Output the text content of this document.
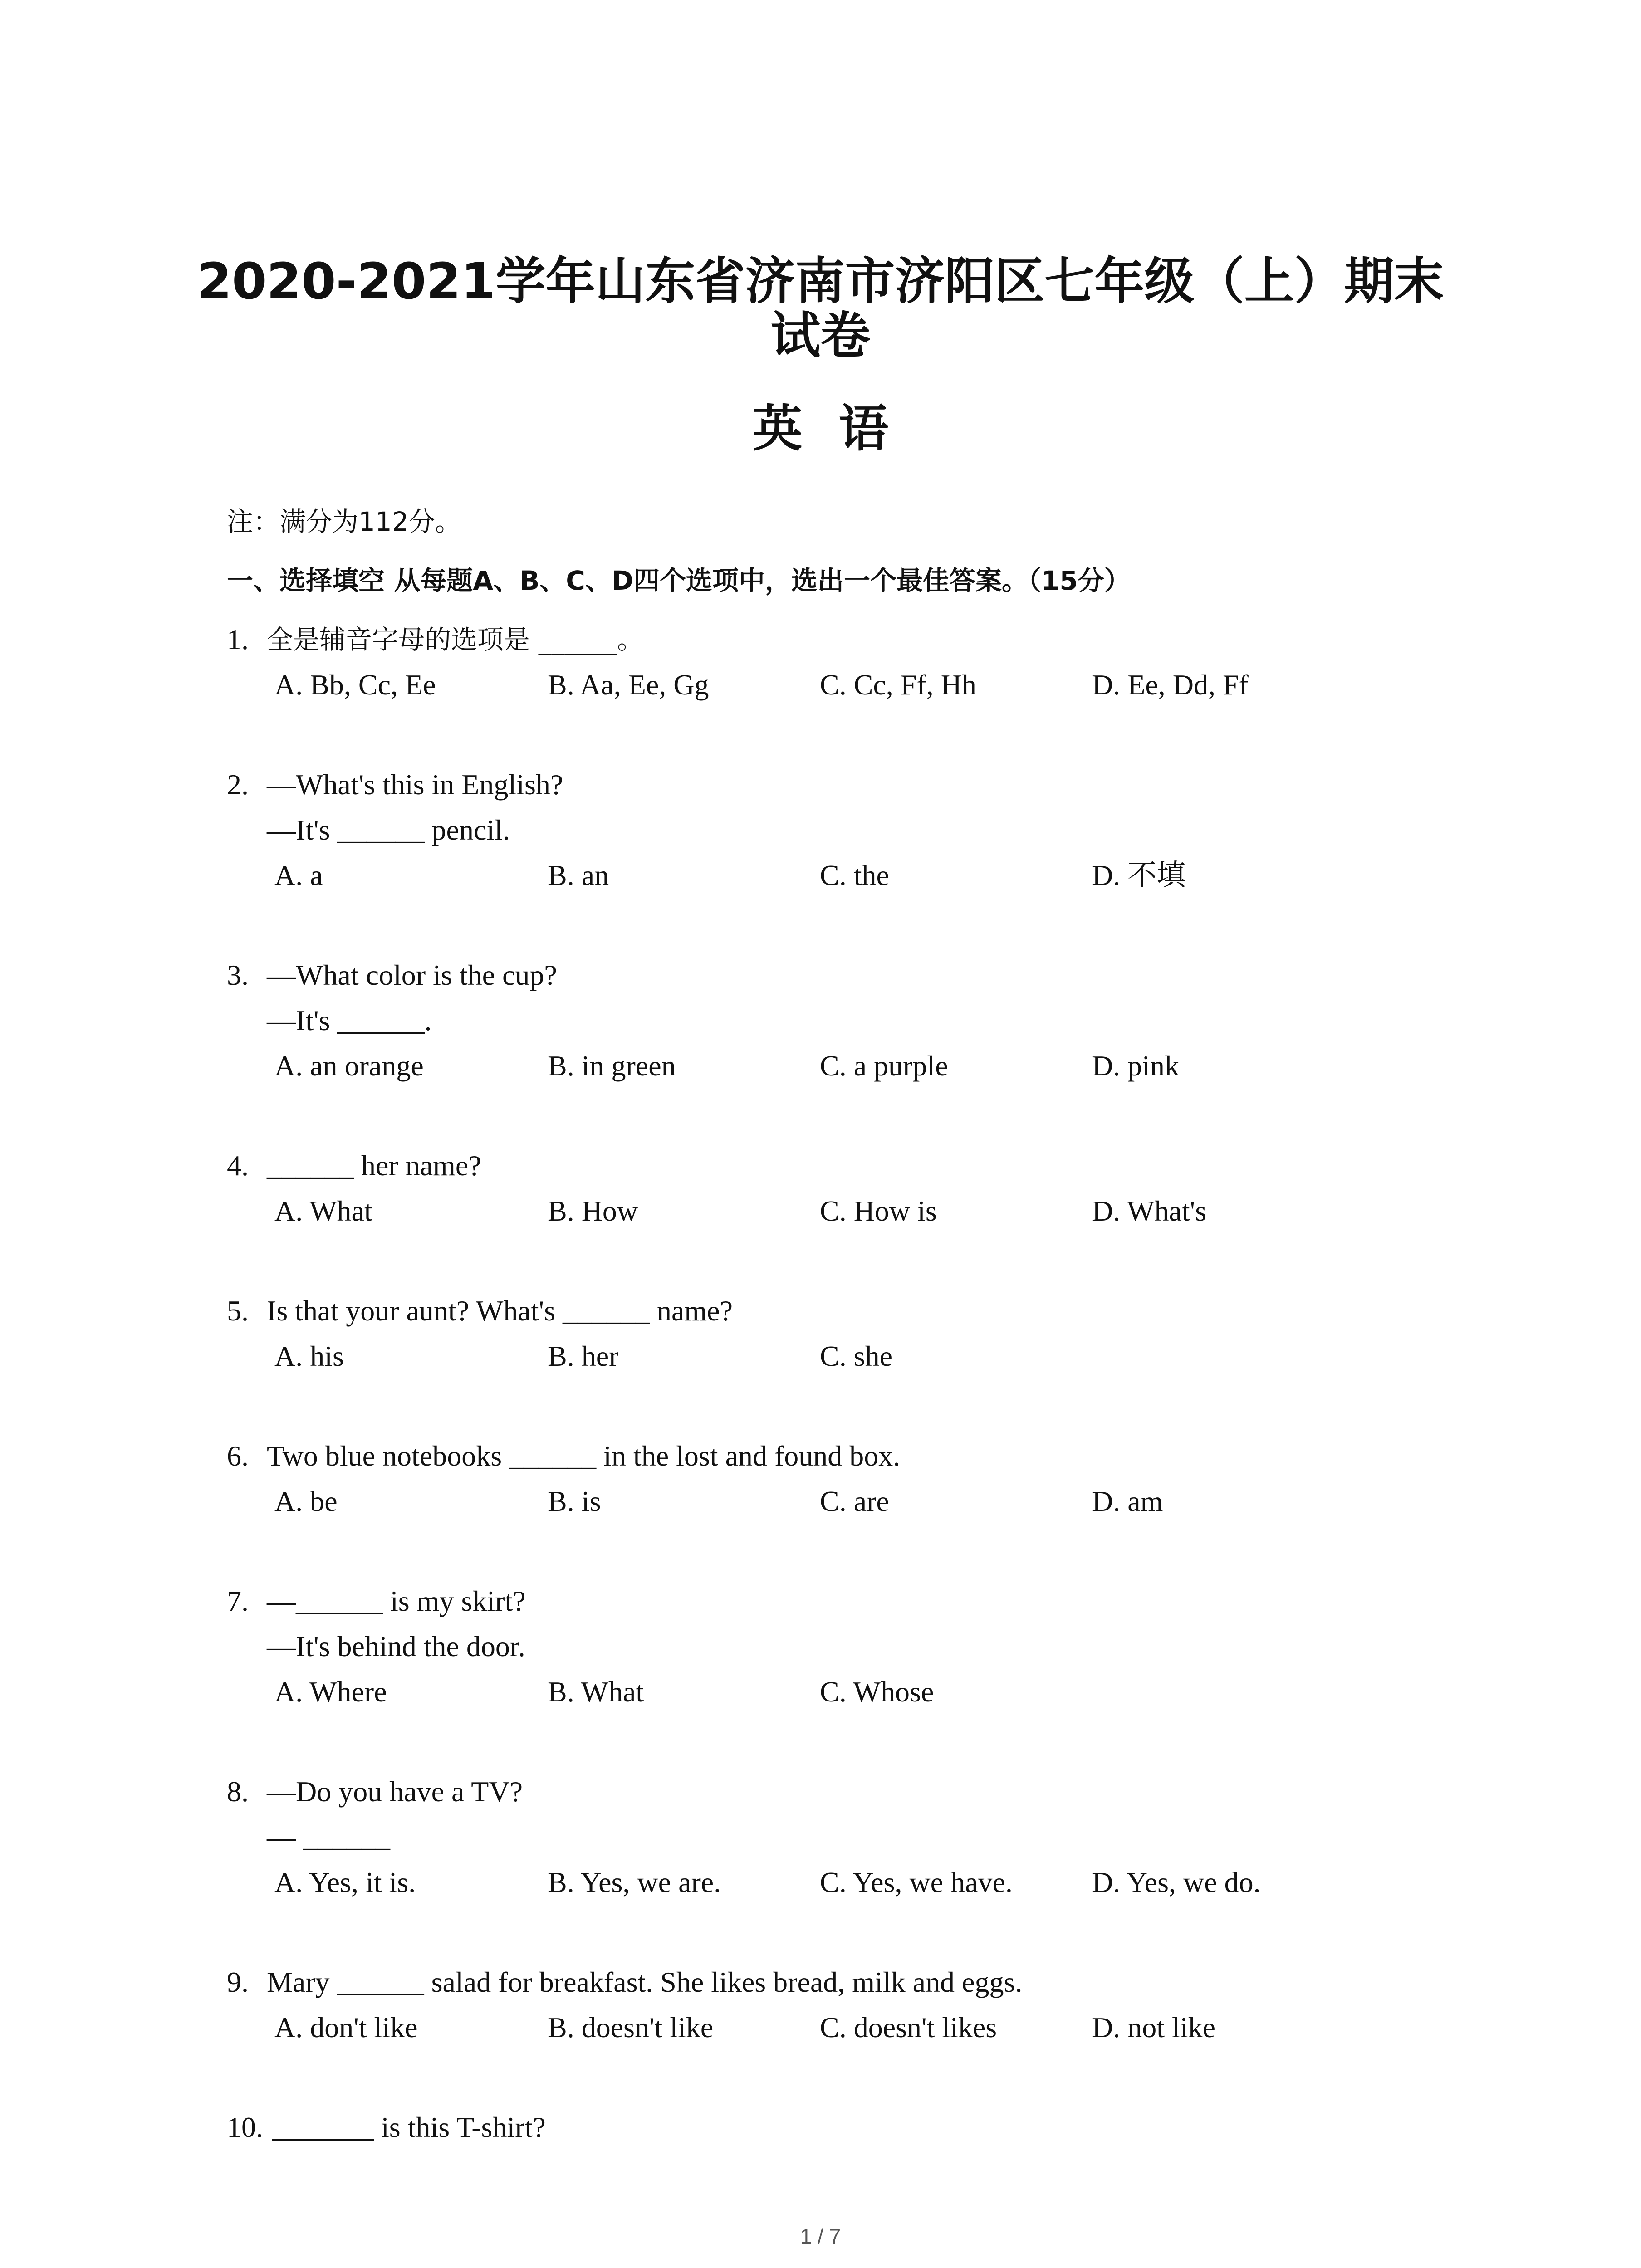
2020-2021学年山东省济南市济阳区七年级（上）期末
试卷
英语
注：满分为112分。
一、选择填空 从每题A、B、C、D四个选项中，选出一个最佳答案。（15分）
1. 全是辅音字母的选项是 ______。
A. Bb, Cc, Ee	B. Aa, Ee, Gg	C. Cc, Ff, Hh	D. Ee, Dd, Ff
2. —What's this in English?
—It's ______ pencil.
A. a	B. an	C. the	D. 不填
3. —What color is the cup?
—It's ______.
A. an orange	B. in green	C. a purple	D. pink
4. ______ her name?
A. What	B. How	C. How is	D. What's
5. Is that your aunt? What's ______ name?
A. his	B. her	C. she
6. Two blue notebooks ______ in the lost and found box.
A. be	B. is	C. are	D. am
7. —______ is my skirt?
—It's behind the door.
A. Where	B. What	C. Whose
8. —Do you have a TV?
— ______
A. Yes, it is.	B. Yes, we are.	C. Yes, we have.	D. Yes, we do.
9. Mary ______ salad for breakfast. She likes bread, milk and eggs.
A. don't like	B. doesn't like	C. doesn't likes	D. not like
10. _______ is this T-shirt?
1 / 7
